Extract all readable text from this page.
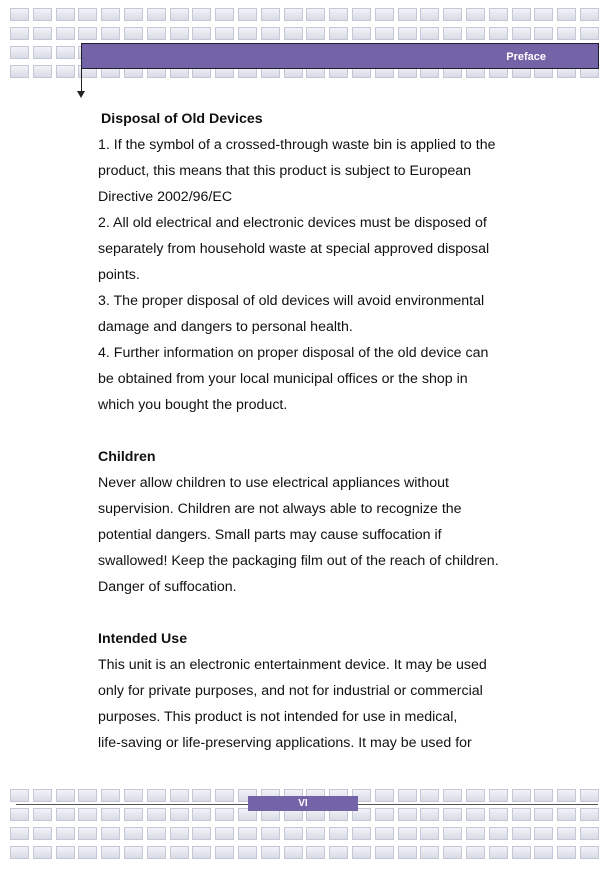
Preface

Disposal of Old Devices

1. If the symbol of a crossed-through waste bin is applied to the

product, this means that this product is subject to European

Directive 2002/96/EC

2. All old electrical and electronic devices must be disposed of

separately from household waste at special approved disposal

points.

3. The proper disposal of old devices will avoid environmental

damage and dangers to personal health.

4. Further information on proper disposal of the old device can

be obtained from your local municipal offices or the shop in

which you bought the product.

Children

Never allow children to use electrical appliances without

supervision. Children are not always able to recognize the

potential dangers. Small parts may cause suffocation if

swallowed! Keep the packaging film out of the reach of children.

Danger of suffocation.

Intended Use

This unit is an electronic entertainment device. It may be used

only for private purposes, and not for industrial or commercial

purposes. This product is not intended for use in medical,

life-saving or life-preserving applications. It may be used for

VI
